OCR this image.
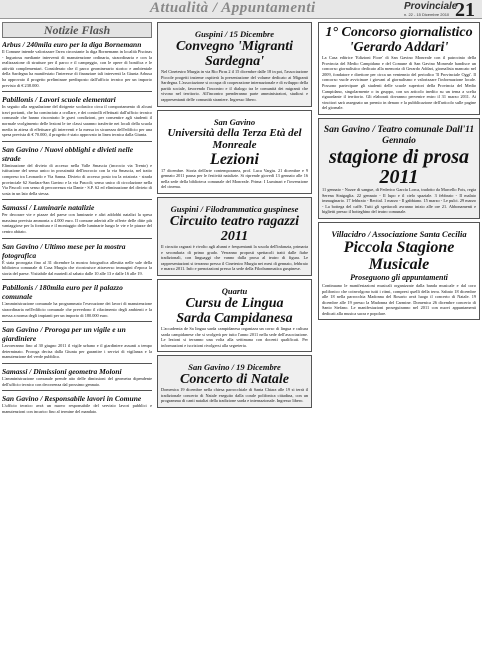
Attualità / Appuntamenti	Provinciale
n. 22 - 15 Dicembre 2010 21
Notizie Flash
Arbus / 240mila euro per la diga Bornemann

Il Comune intende valorizzare l'area circostante la diga Bornemann in località Piscinas - Ingurtosu mediante interventi di manutenzione ordinaria, straordinaria e con la realizzazione di strutture per il parco e il campeggio, con le opere di bonifica e le attività complementari. Considerato che il parco geominerario storico e ambientale della Sardegna ha manifestato l'interesse di finanziare tali interventi la Giunta Arbusa ha approvato il progetto preliminare predisposto dall'ufficio tecnico per un importo previsto di € 238.000.

Pabillonis / Lavori scuole elementari

In seguito alla segnalazione del dirigente scolastico circa il comportamento di alcuni travi portanti, che ha cominciato a crollare, e dei controlli effettuati dall'ufficio tecnico comunale che hanno riscontrato le gravi condizioni, per consentire agli studenti il normale svolgimento delle lezioni le tre classi saranno trasferite nei locali della scuola media in attesa di effettuare gli interventi e la messa in sicurezza dell'edificio per una spesa prevista di € 70.000, il progetto è stato approvato in linea tecnica dalla Giunta.

San Gavino / Nuovi obblighi e divieti nelle strade

Eliminazione del divieto di accesso nella Valle Smascia (incrocio via Trento) e istituzione del senso unico in prossimità dell'incrocio con la via Smascia, nel tratto compreso tra Leonardo e Via Sanna. Divieto di accesso posto tra la rotatoria - strada provinciale 62 Sardara-San Gavino e la via Pascoli; senso unico di circolazione nella Via Pascoli con senso di percorrenza via Dante - S.P. 62 ed eliminazione del divieto di sosta in un lato della stessa.

Samassi / Luminarie natalizie

Per decorare vie e piazze del paese con luminarie e altri addobbi natalizi la spesa massima prevista ammonta a 4.000 euro. Il comune aderirà alle offerte delle ditte più vantaggiose per la fornitura e il montaggio delle luminarie lungo le vie e le piazze del centro abitato.

San Gavino / Ultimo mese per la mostra fotografica

È stata prorogata fino al 31 dicembre la mostra fotografica allestita nelle sale della biblioteca comunale di Casa Murgia che ricostruisce attraverso immagini d'epoca la storia del paese. Visitabile dal martedì al sabato dalle 10 alle 13 e dalle 16 alle 19.

Pabillonis / 180mila euro per il palazzo comunale

L'amministrazione comunale ha programmato l'esecuzione dei lavori di manutenzione straordinaria nell'edificio comunale che prevedono il rifacimento degli ambienti e la messa a norma degli impianti per un importo di 180.000 euro.

San Gavino / Proroga per un vigile e un giardiniere

Lavoreranno fino al 30 giugno 2011 il vigile urbano e il giardiniere assunti a tempo determinato. Proroga decisa dalla Giunta per garantire i servizi di vigilanza e la manutenzione del verde pubblico.

Samassi / Dimissioni geometra Moloni

L'amministrazione comunale prende atto delle dimissioni del geometra dipendente dell'ufficio tecnico con decorrenza dal prossimo gennaio.

San Gavino / Responsabile lavori in Comune

L'ufficio tecnico avrà un nuovo responsabile del servizio lavori pubblici e manutenzioni con incarico fino al termine del mandato.

Guspini / 15 Dicembre
Convegno 'Migranti Sardegna'

Nel Cinetestro Murgia in via Rio Piras 2 il 15 dicembre dalle 18 in poi, l'associazione Piccole progetti insieme ospiterà la presentazione del volume dedicato ai Migranti Sardegna. L'associazione si occupa di cooperazione internazionale e di sviluppo della parità sociale, favorendo l'incontro e il dialogo tra le comunità dei migranti che vivono nel territorio. All'incontro prenderanno parte amministratori, studiosi e rappresentanti delle comunità straniere. Ingresso libero.

San Gavino
Università della Terza Età del Monreale
Lezioni

17 dicembre. Storia dell'arte contemporanea, prof. Luca Vargiu. 21 dicembre e 9 gennaio 2011 pausa per le festività natalizie. Si riprende giovedì 13 gennaio alle 16 nella sede della biblioteca comunale del Monreale. Prima: I Luminari e l'invenzione del cinema.

Guspini / Filodrammatica guspinese
Circuito teatro ragazzi 2011

Il circuito ragazzi è rivolto agli alunni e frequentanti la scuola dell'infanzia, primaria e secondaria di primo grado. Verranno proposti spettacoli tratti dalle fiabe tradizionali, con linguaggi che vanno dalla prosa al teatro di figura. Le rappresentazioni si terranno presso il Cinetestro Murgia nei mesi di gennaio, febbraio e marzo 2011. Info e prenotazioni presso la sede della Filodrammatica guspinese.

Quartu
Cursu de Lingua
Sarda Campidanesa

L'accademia de Sa lingua sarda campidanesa organizza un corso di lingua e cultura sarda campidanese che si svolgerà per tutto l'anno 2011 nella sede dell'associazione. Le lezioni si terranno una volta alla settimana con docenti qualificati. Per informazioni e iscrizioni rivolgersi alla segreteria.

San Gavino / 19 Dicembre
Concerto di Natale

Domenica 19 dicembre nella chiesa parrocchiale di Santa Chiara alle 19 si terrà il tradizionale concerto di Natale eseguito dalla corale polifonica cittadina, con un programma di canti natalizi della tradizione sarda e internazionale. Ingresso libero.

1° Concorso giornalistico 'Gerardo Addari'

La Casa editrice 'Edizioni Fiore' di San Gavino Monreale con il patrocinio della Provincia del Medio Campidano e del Comune di San Gavino Monreale bandisce un concorso giornalistico dedicato alla memoria di Gerardo Addari, giornalista mancato nel 2009, fondatore e direttore per circa un ventennio del periodico 'Il Provinciale Oggi'. Il concorso vuole avvicinare i giovani al giornalismo e valorizzare l'informazione locale. Possono partecipare gli studenti delle scuole superiori della Provincia del Medio Campidano, singolarmente o in gruppo, con un articolo inedito su un tema a scelta riguardante il territorio. Gli elaborati dovranno pervenire entro il 31 marzo 2011. Ai vincitori sarà assegnato un premio in denaro e la pubblicazione dell'articolo sulle pagine del giornale.

San Gavino / Teatro comunale Dall'11 Gennaio
stagione di prosa 2011

11 gennaio - Nozze di sangue, di Federico García Lorca, tradotto da Marcello Fois, regia Serena Sinigaglia. 22 gennaio - Il lupo e il cielo spaziale. 3 febbraio - Il malato immaginario. 17 febbraio - Recital. 1 marzo - Il gabbiano. 15 marzo - Le pulci. 29 marzo - La bottega del caffè. Tutti gli spettacoli avranno inizio alle ore 21. Abbonamenti e biglietti presso il botteghino del teatro comunale.

Villacidro / Associazione Santa Cecilia
Piccola Stagione Musicale
Proseguono gli appuntamenti

Continuano le manifestazioni musicali organizzate dalla banda musicale e dal coro polifonico che coinvolgono tutti i ritmi, compresi quelli della terra. Sabato 18 dicembre alle 18 nella parrocchia Madonna del Rosario avrà luogo il concerto di Natale. 19 dicembre alle 19 presso la Madonna del Carmine. Domenica 26 dicembre concerto di Santo Stefano. Le manifestazioni proseguiranno nel 2011 con nuovi appuntamenti dedicati alla musica sacra e popolare.
